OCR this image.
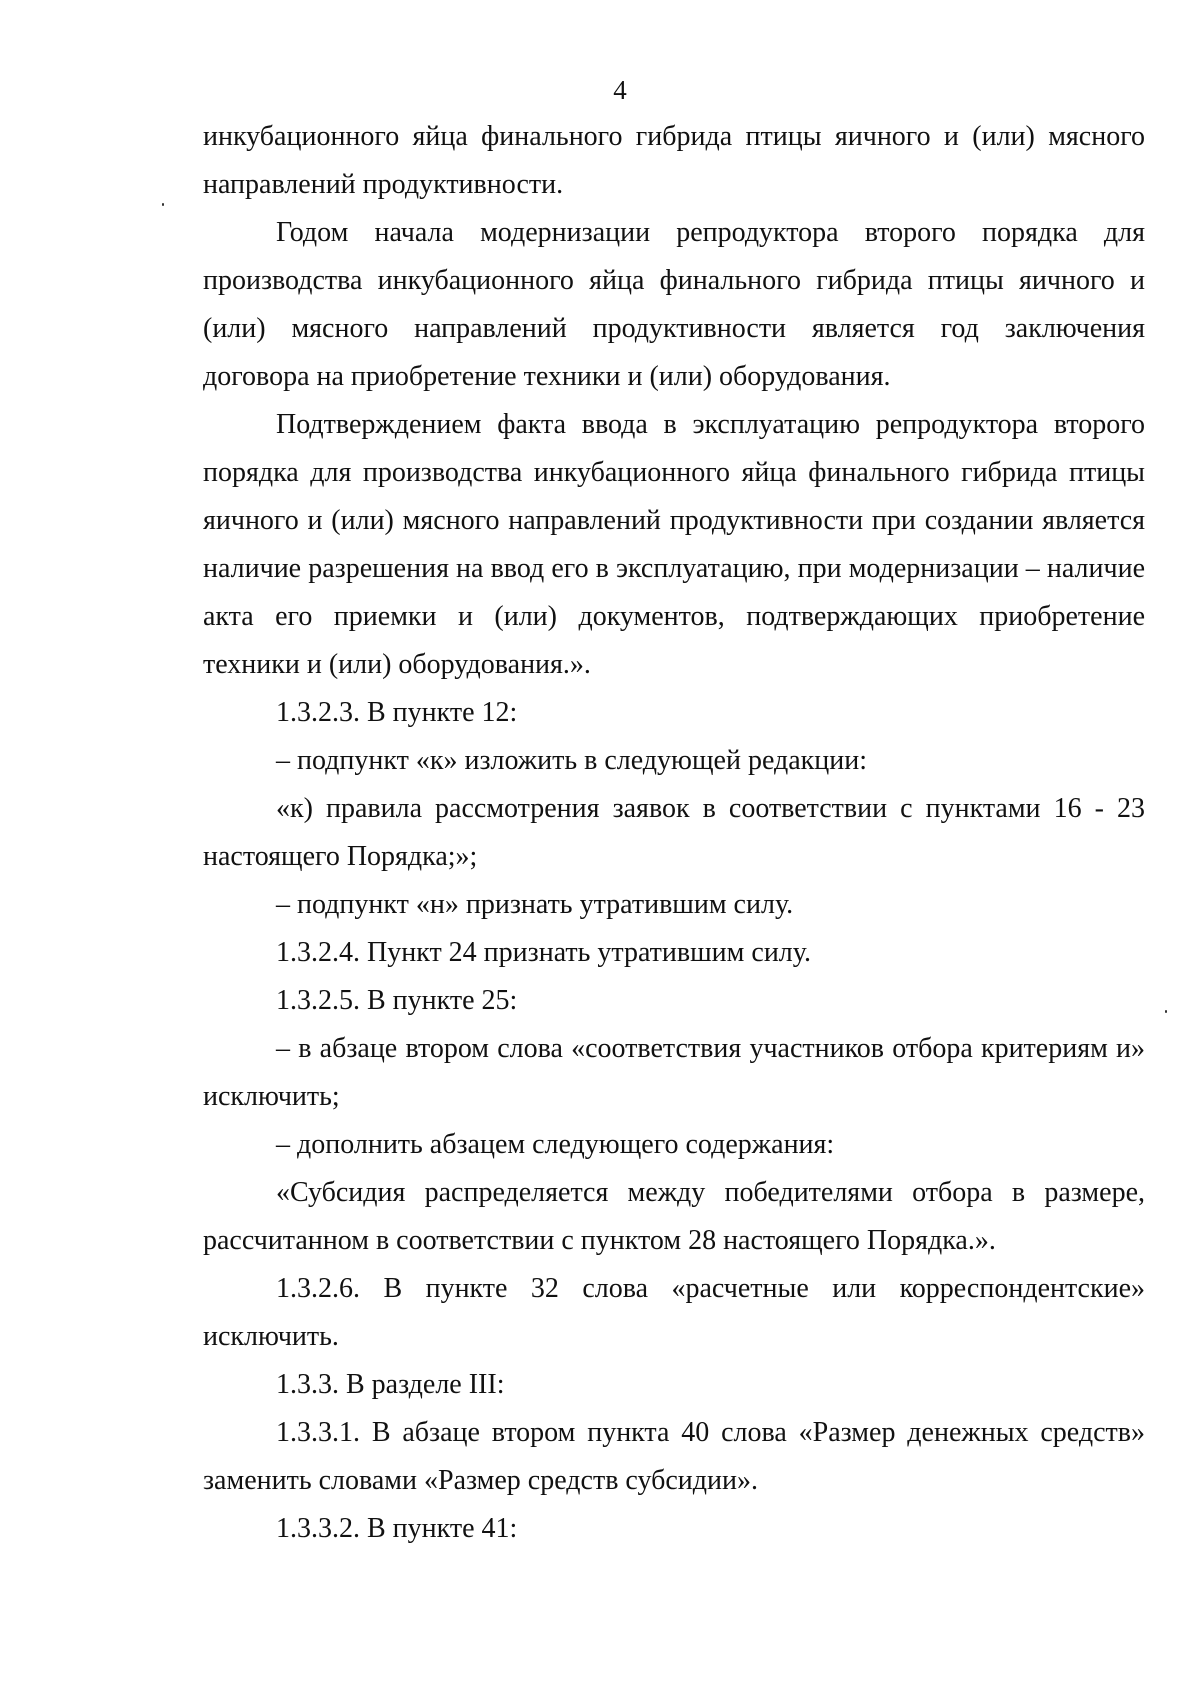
4

инкубационного яйца финального гибрида птицы яичного и (или) мясного направлений продуктивности.

Годом начала модернизации репродуктора второго порядка для производства инкубационного яйца финального гибрида птицы яичного и (или) мясного направлений продуктивности является год заключения договора на приобретение техники и (или) оборудования.

Подтверждением факта ввода в эксплуатацию репродуктора второго порядка для производства инкубационного яйца финального гибрида птицы яичного и (или) мясного направлений продуктивности при создании является наличие разрешения на ввод его в эксплуатацию, при модернизации – наличие акта его приемки и (или) документов, подтверждающих приобретение техники и (или) оборудования.».

1.3.2.3. В пункте 12:

– подпункт «к» изложить в следующей редакции:

«к) правила рассмотрения заявок в соответствии с пунктами 16 - 23 настоящего Порядка;»;

– подпункт «н» признать утратившим силу.

1.3.2.4. Пункт 24 признать утратившим силу.

1.3.2.5. В пункте 25:

– в абзаце втором слова «соответствия участников отбора критериям и» исключить;

– дополнить абзацем следующего содержания:

«Субсидия распределяется между победителями отбора в размере, рассчитанном в соответствии с пунктом 28 настоящего Порядка.».

1.3.2.6. В пункте 32 слова «расчетные или корреспондентские» исключить.

1.3.3. В разделе III:

1.3.3.1. В абзаце втором пункта 40 слова «Размер денежных средств» заменить словами «Размер средств субсидии».

1.3.3.2. В пункте 41:
